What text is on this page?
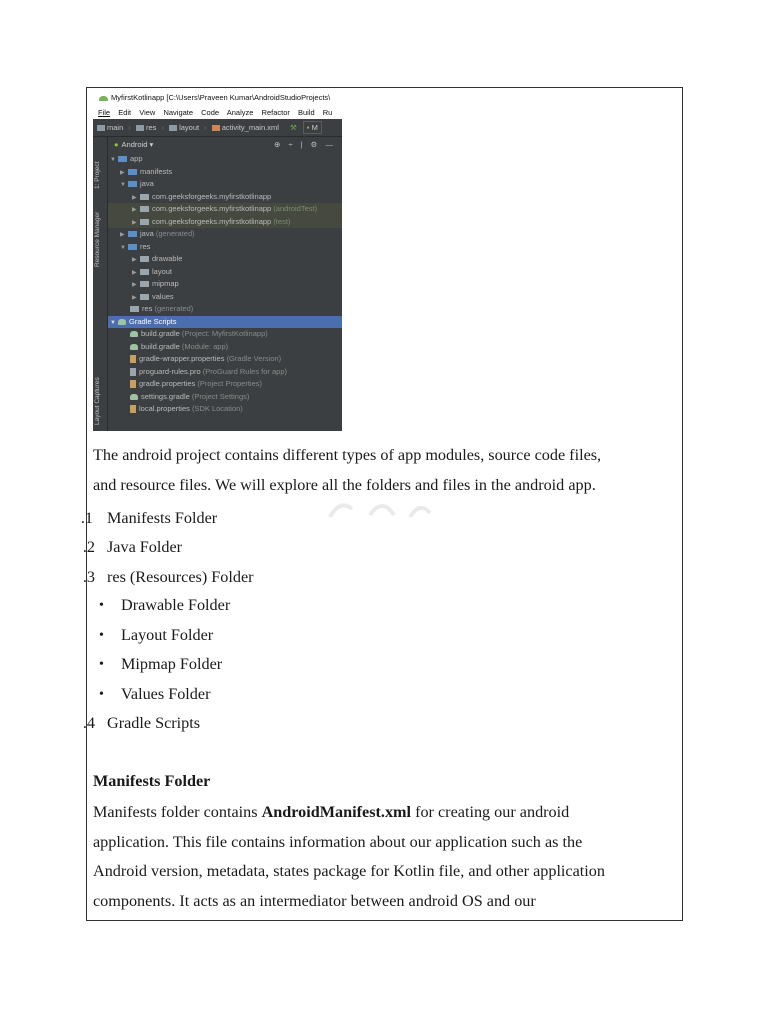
MyfirstKotlinapp [C:\Users\Praveen Kumar\AndroidStudioProjects\
File Edit View Navigate Code Analyze Refactor Build Ru
main › res › layout › activity_main.xml ⚒ ▪ M
1: Project
Resource Manager
Layout Captures
● Android ▾	⊕ ÷ | ⚙ —
▼ app
▶ manifests
▼ java
▶ com.geeksforgeeks.myfirstkotlinapp
▶ com.geeksforgeeks.myfirstkotlinapp (androidTest)
▶ com.geeksforgeeks.myfirstkotlinapp (test)
▶ java (generated)
▼ res
▶ drawable
▶ layout
▶ mipmap
▶ values
res (generated)
▼ Gradle Scripts
build.gradle (Project: MyfirstKotlinapp)
build.gradle (Module: app)
gradle-wrapper.properties (Gradle Version)
proguard-rules.pro (ProGuard Rules for app)
gradle.properties (Project Properties)
settings.gradle (Project Settings)
local.properties (SDK Location)
The android project contains different types of app modules, source code files,
and resource files. We will explore all the folders and files in the android app.
1. Manifests Folder
2. Java Folder
3. res (Resources) Folder
• Drawable Folder
• Layout Folder
• Mipmap Folder
• Values Folder
4. Gradle Scripts
Manifests Folder
Manifests folder contains AndroidManifest.xml for creating our android
application. This file contains information about our application such as the
Android version, metadata, states package for Kotlin file, and other application
components. It acts as an intermediator between android OS and our
